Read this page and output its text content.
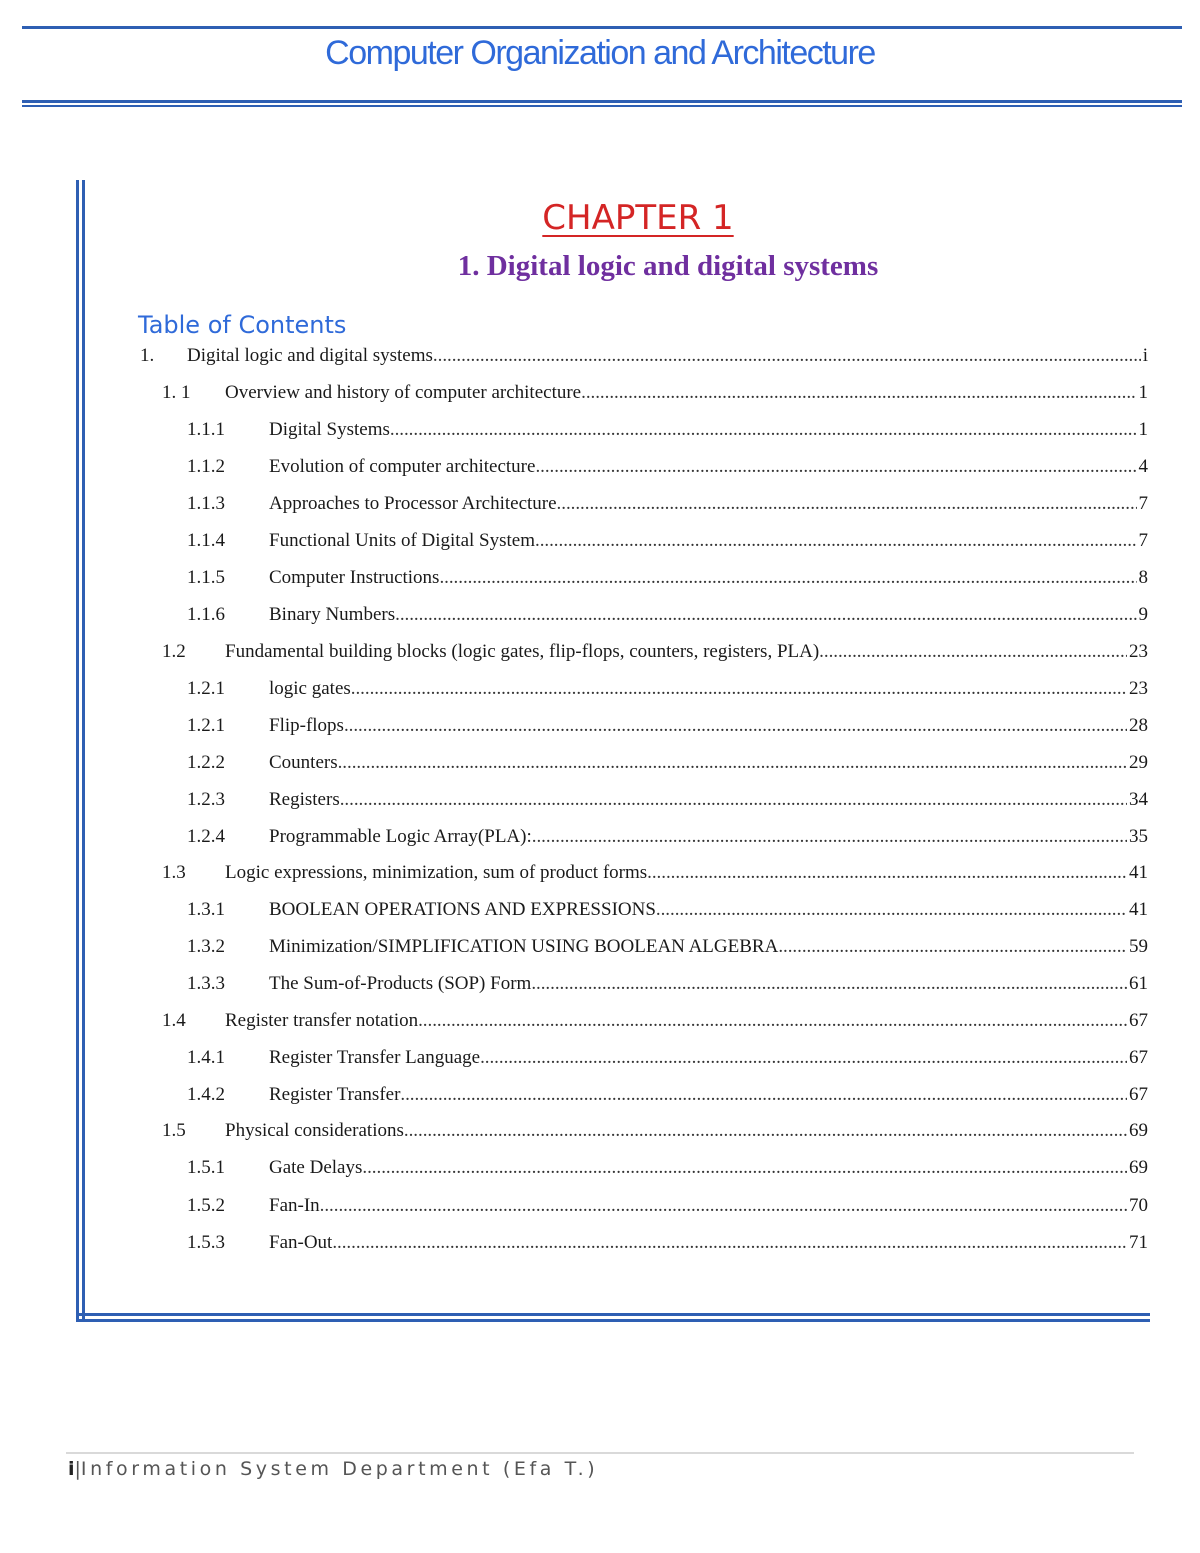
Computer Organization and Architecture
CHAPTER 1
1. Digital logic and digital systems
Table of Contents
1.	Digital logic and digital systems . . .	i
1. 1	Overview and history of computer architecture . . .	1
1.1.1	Digital Systems . . .	1
1.1.2	Evolution of computer architecture . . .	4
1.1.3	Approaches to Processor Architecture . . .	7
1.1.4	Functional Units of Digital System . . .	7
1.1.5	Computer Instructions . . .	8
1.1.6	Binary Numbers . . .	9
1.2	Fundamental building blocks (logic gates, flip-flops, counters, registers, PLA) . . .	23
1.2.1	logic gates . . .	23
1.2.1	Flip-flops . . .	28
1.2.2	Counters . . .	29
1.2.3	Registers . . .	34
1.2.4	Programmable Logic Array(PLA): . . .	35
1.3	Logic expressions, minimization, sum of product forms . . .	41
1.3.1	BOOLEAN OPERATIONS AND EXPRESSIONS . . .	41
1.3.2	Minimization/SIMPLIFICATION USING BOOLEAN ALGEBRA . . .	59
1.3.3	The Sum-of-Products (SOP) Form . . .	61
1.4	Register transfer notation . . .	67
1.4.1	Register Transfer Language . . .	67
1.4.2	Register Transfer . . .	67
1.5	Physical considerations . . .	69
1.5.1	Gate Delays . . .	69
1.5.2	Fan-In . . .	70
1.5.3	Fan-Out . . .	71
i|Information System Department (Efa T.)
